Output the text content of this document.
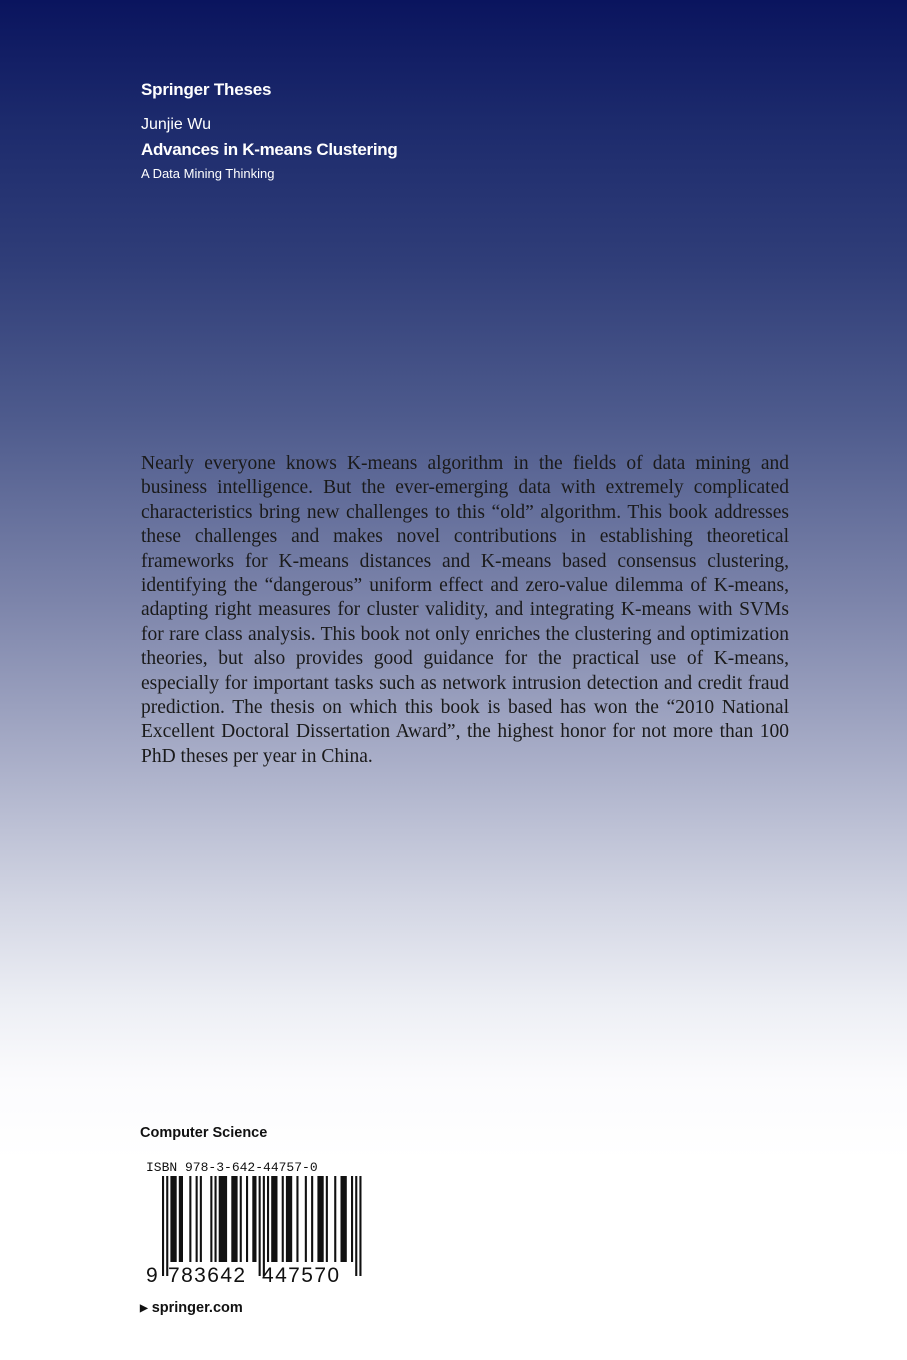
Springer Theses
Junjie Wu
Advances in K-means Clustering
A Data Mining Thinking

Nearly everyone knows K-means algorithm in the fields of data mining and business intelligence. But the ever-emerging data with extremely complicated characteristics bring new challenges to this “old” algorithm. This book addresses these challenges and makes novel contributions in establishing theoretical frameworks for K-means distances and K-means based consensus clustering, identifying the “dangerous” uniform effect and zero-value dilemma of K-means, adapting right measures for cluster validity, and integrating K-means with SVMs for rare class analysis. This book not only enriches the clustering and optimization theories, but also provides good guidance for the practical use of K-means, especially for important tasks such as network intrusion detection and credit fraud prediction. The thesis on which this book is based has won the “2010 National Excellent Doctoral Dissertation Award”, the highest honor for not more than 100 PhD theses per year in China.

Computer Science
ISBN 978-3-642-44757-0
9 783642 447570
▶ springer.com
